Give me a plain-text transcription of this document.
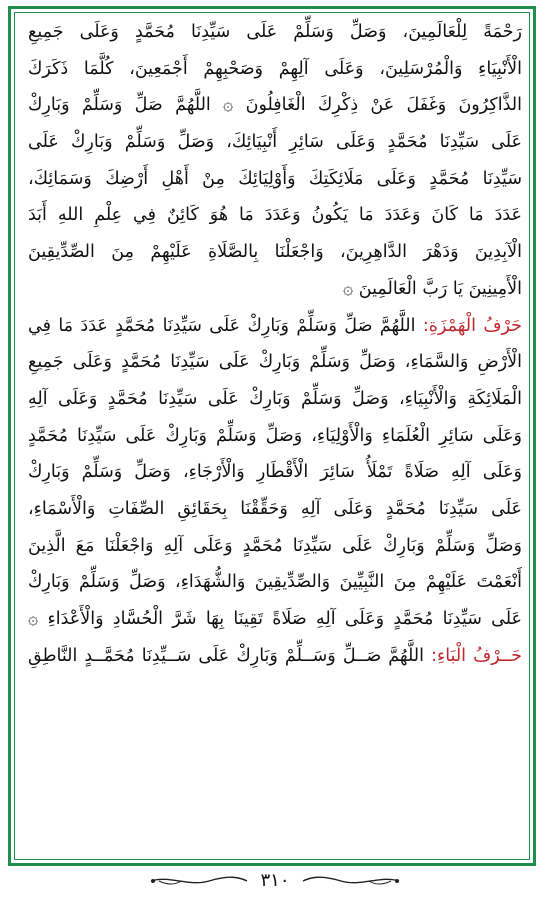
رَحْمَةً لِلْعَالَمِينَ، وَصَلِّ وَسَلِّمْ عَلَى سَيِّدِنَا مُحَمَّدٍ وَعَلَى جَمِيعِ
الْأَنْبِيَاءِ وَالْمُرْسَلِينَ، وَعَلَى آلِهِمْ وَصَحْبِهِمْ أَجْمَعِينَ، كُلَّمَا ذَكَرَكَ
الذَّاكِرُونَ وَغَفَلَ عَنْ ذِكْرِكَ الْغَافِلُونَ ۞ اللَّهُمَّ صَلِّ وَسَلِّمْ وَبَارِكْ
عَلَى سَيِّدِنَا مُحَمَّدٍ وَعَلَى سَائِرِ أَنْبِيَائِكَ، وَصَلِّ وَسَلِّمْ وَبَارِكْ عَلَى
سَيِّدِنَا مُحَمَّدٍ وَعَلَى مَلَائِكَتِكَ وَأَوْلِيَائِكَ مِنْ أَهْلِ أَرْضِكَ وَسَمَائِكَ،
عَدَدَ مَا كَانَ وَعَدَدَ مَا يَكُونُ وَعَدَدَ مَا هُوَ كَائِنٌ فِي عِلْمِ اللهِ أَبَدَ
الْآبِدِينَ وَدَهْرَ الدَّاهِرِينَ، وَاجْعَلْنَا بِالصَّلَاةِ عَلَيْهِمْ مِنَ الصِّدِّيقِينَ
الْأَمِينِينَ يَا رَبَّ الْعَالَمِينَ ۞
حَرْفُ الْهَمْزَةِ: اللَّهُمَّ صَلِّ وَسَلِّمْ وَبَارِكْ عَلَى سَيِّدِنَا مُحَمَّدٍ عَدَدَ مَا فِي
الْأَرْضِ وَالسَّمَاءِ، وَصَلِّ وَسَلِّمْ وَبَارِكْ عَلَى سَيِّدِنَا مُحَمَّدٍ وَعَلَى جَمِيعِ
الْمَلَائِكَةِ وَالْأَنْبِيَاءِ، وَصَلِّ وَسَلِّمْ وَبَارِكْ عَلَى سَيِّدِنَا مُحَمَّدٍ وَعَلَى آلِهِ
وَعَلَى سَائِرِ الْعُلَمَاءِ وَالْأَوْلِيَاءِ، وَصَلِّ وَسَلِّمْ وَبَارِكْ عَلَى سَيِّدِنَا مُحَمَّدٍ
وَعَلَى آلِهِ صَلَاةً تَمْلَأُ سَائِرَ الْأَقْطَارِ وَالْأَرْجَاءِ، وَصَلِّ وَسَلِّمْ وَبَارِكْ
عَلَى سَيِّدِنَا مُحَمَّدٍ وَعَلَى آلِهِ وَحَقِّقْنَا بِحَقَائِقِ الصِّفَاتِ وَالْأَسْمَاءِ،
وَصَلِّ وَسَلِّمْ وَبَارِكْ عَلَى سَيِّدِنَا مُحَمَّدٍ وَعَلَى آلِهِ وَاجْعَلْنَا مَعَ الَّذِينَ
أَنْعَمْتَ عَلَيْهِمْ مِنَ النَّبِيِّينَ وَالصِّدِّيقِينَ وَالشُّهَدَاءِ، وَصَلِّ وَسَلِّمْ وَبَارِكْ
عَلَى سَيِّدِنَا مُحَمَّدٍ وَعَلَى آلِهِ صَلَاةً تَقِينَا بِهَا شَرَّ الْحُسَّادِ وَالْأَعْدَاءِ ۞
حَــرْفُ الْبَاءِ: اللَّهُمَّ صَــلِّ وَسَــلِّمْ وَبَارِكْ عَلَى سَــيِّدِنَا مُحَمَّــدٍ النَّاطِقِ
٣١٠
